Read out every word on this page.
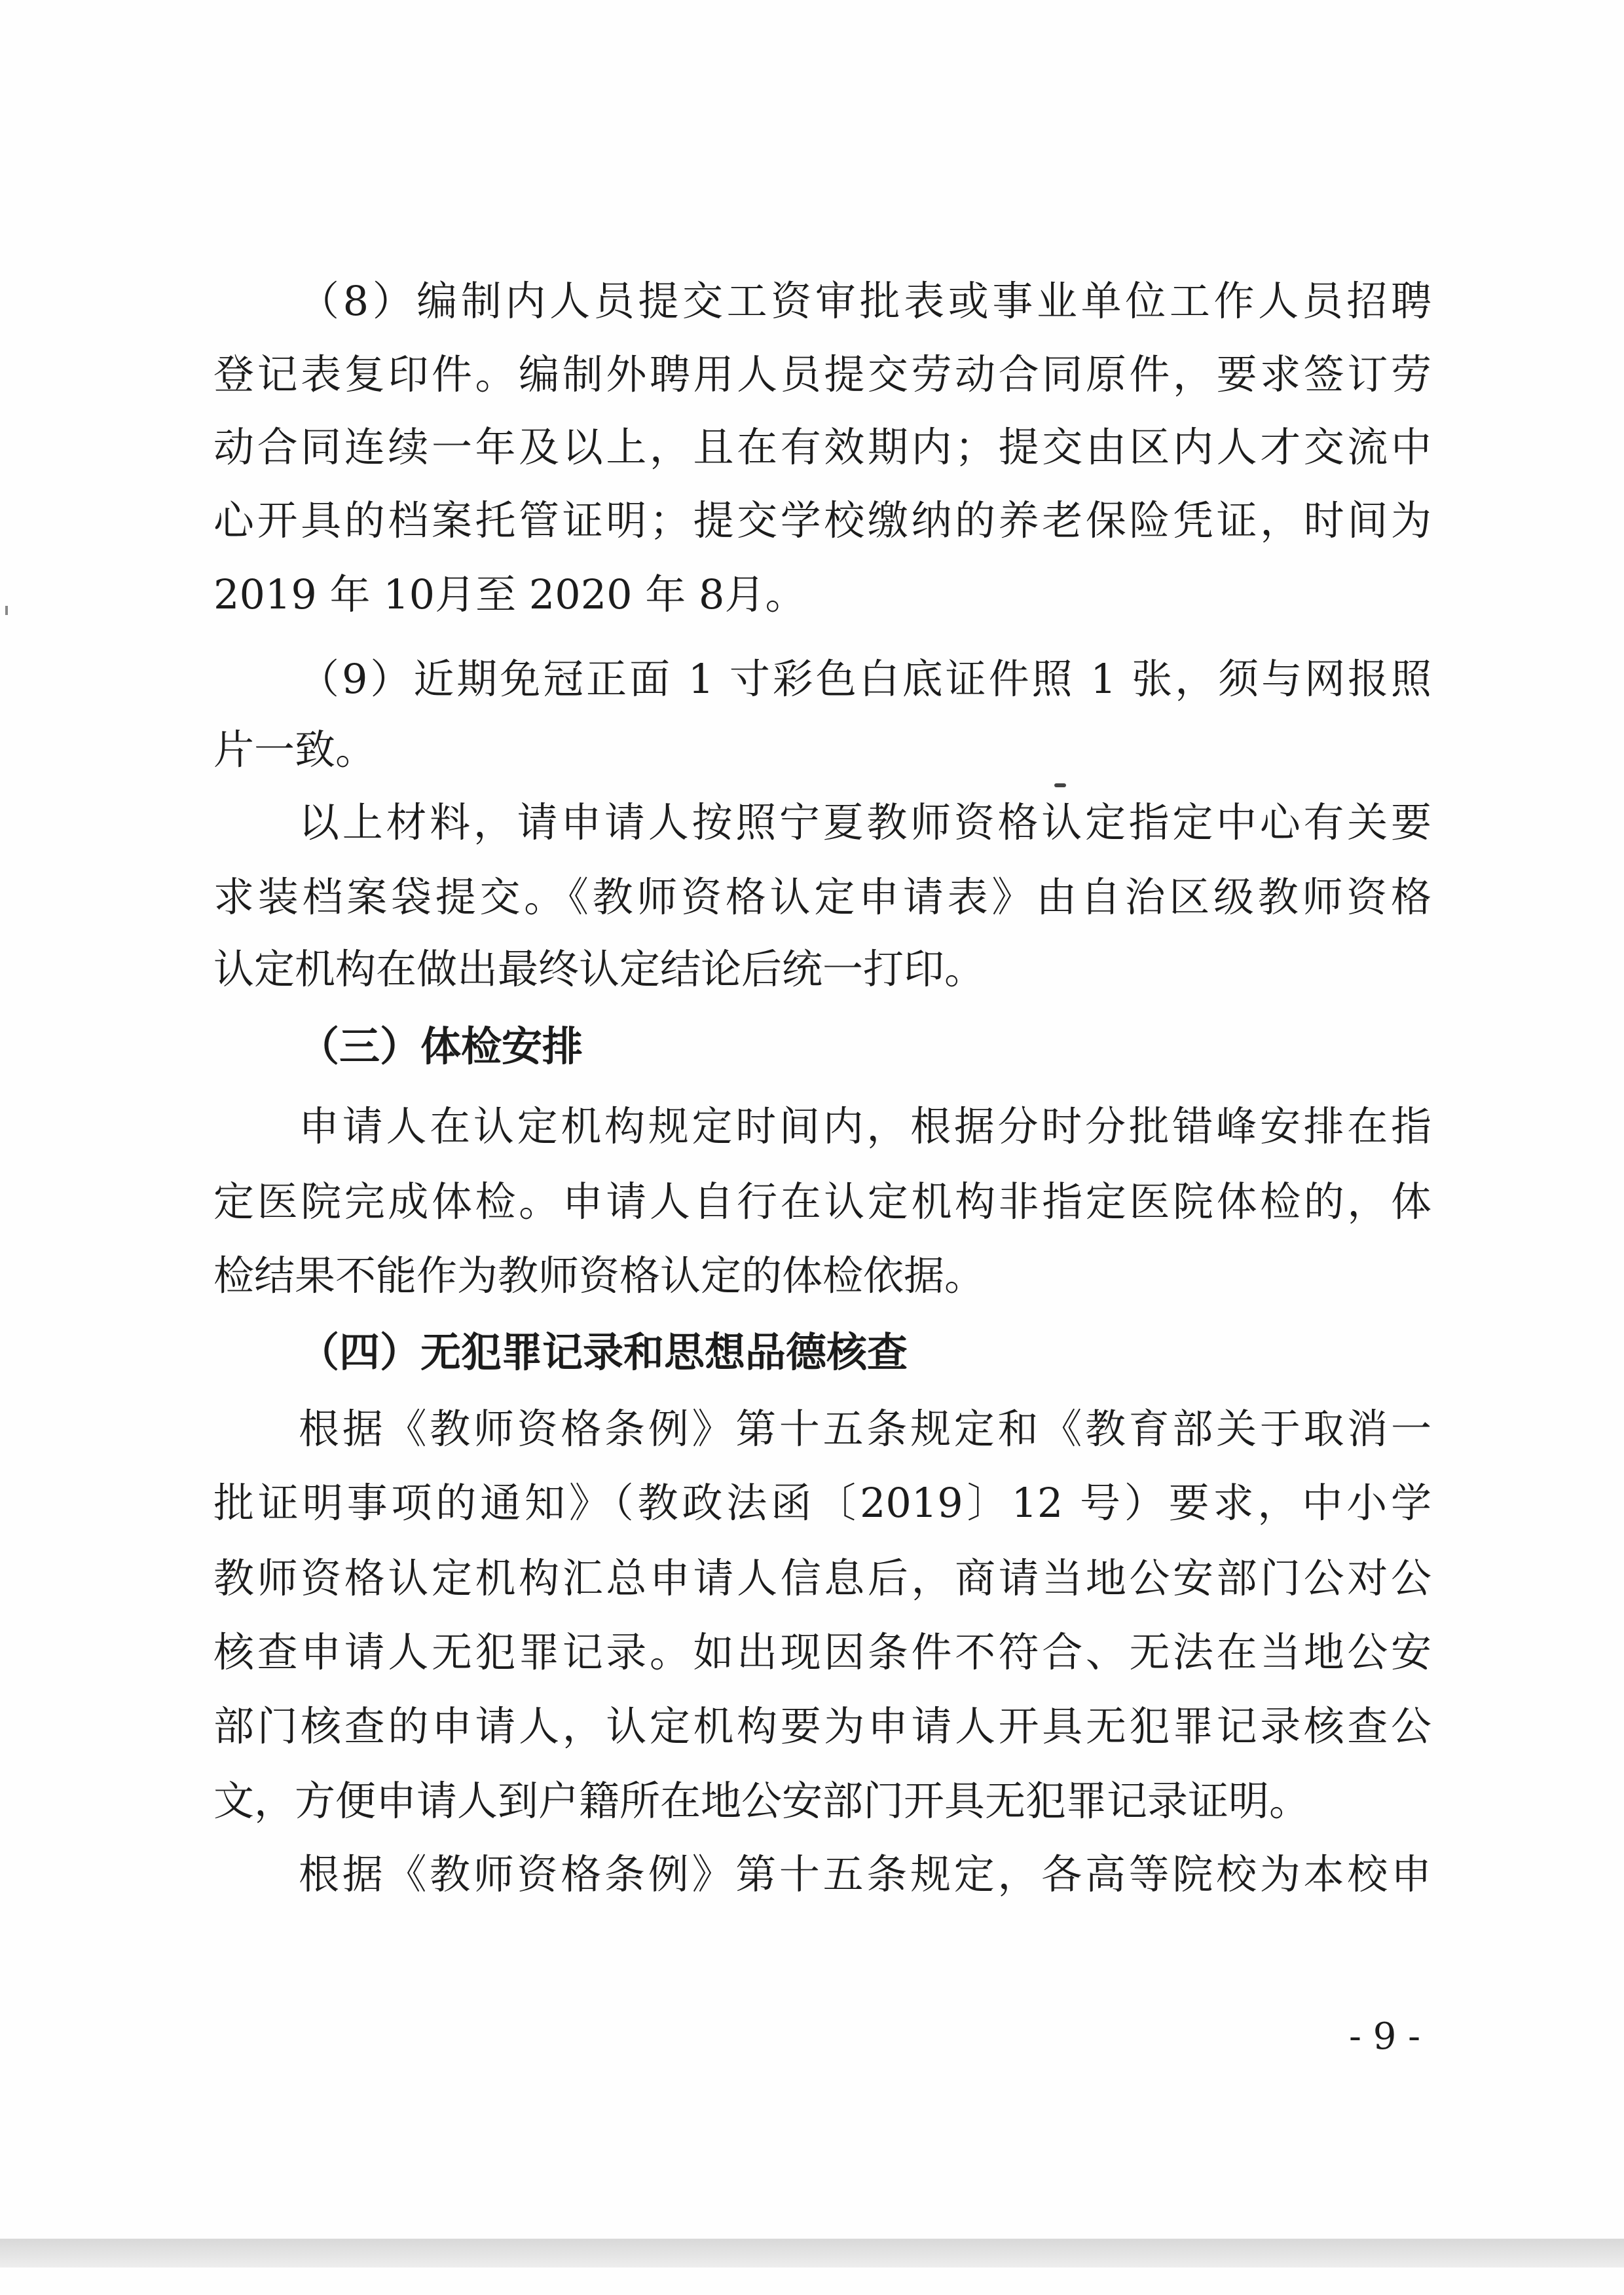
（8）编制内人员提交工资审批表或事业单位工作人员招聘
登记表复印件。编制外聘用人员提交劳动合同原件，要求签订劳
动合同连续一年及以上，且在有效期内；提交由区内人才交流中
心开具的档案托管证明；提交学校缴纳的养老保险凭证，时间为
2019 年 10月至 2020 年 8月。
（9）近期免冠正面 1 寸彩色白底证件照 1 张，须与网报照
片一致。
以上材料，请申请人按照宁夏教师资格认定指定中心有关要
求装档案袋提交。《教师资格认定申请表》由自治区级教师资格
认定机构在做出最终认定结论后统一打印。
（三）体检安排
申请人在认定机构规定时间内，根据分时分批错峰安排在指
定医院完成体检。申请人自行在认定机构非指定医院体检的，体
检结果不能作为教师资格认定的体检依据。
（四）无犯罪记录和思想品德核查
根据《教师资格条例》第十五条规定和《教育部关于取消一
批证明事项的通知》（教政法函〔2019〕12 号）要求，中小学
教师资格认定机构汇总申请人信息后，商请当地公安部门公对公
核查申请人无犯罪记录。如出现因条件不符合、无法在当地公安
部门核查的申请人，认定机构要为申请人开具无犯罪记录核查公
文，方便申请人到户籍所在地公安部门开具无犯罪记录证明。
根据《教师资格条例》第十五条规定，各高等院校为本校申
- 9 -
